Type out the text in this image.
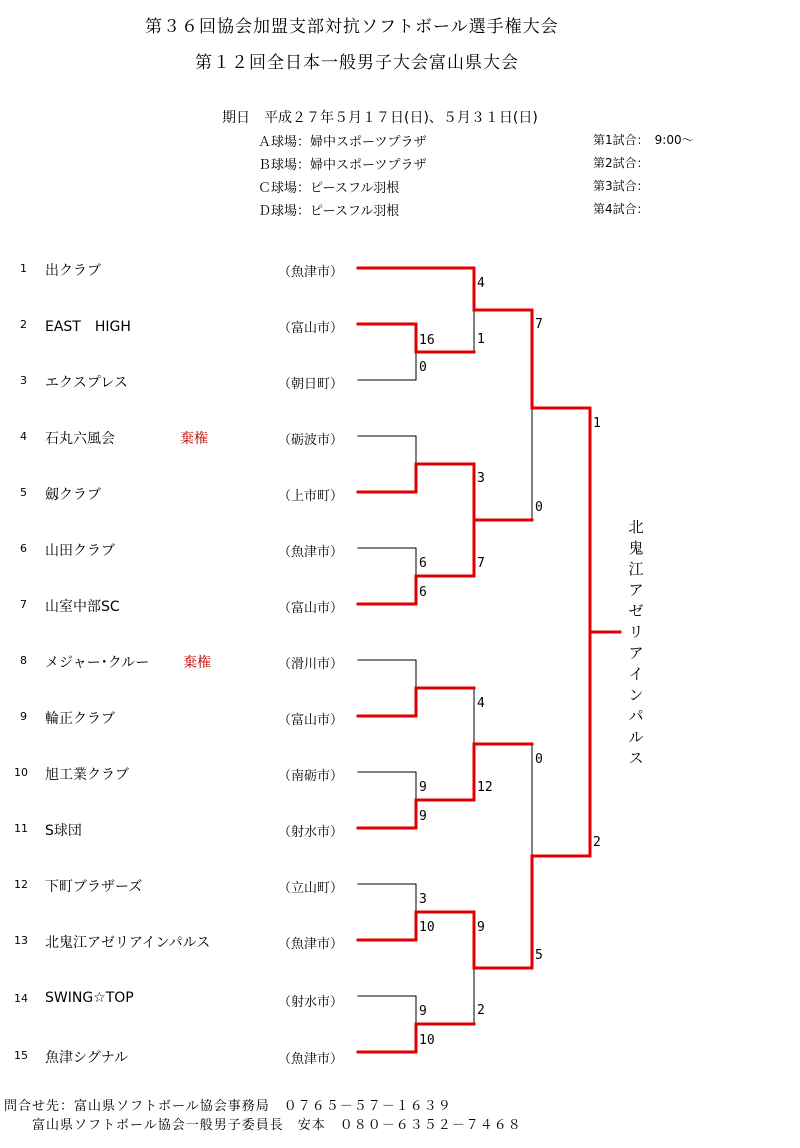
第３６回協会加盟支部対抗ソフトボール選手権大会
第１２回全日本一般男子大会富山県大会
期日　平成２７年５月１７日(日)、５月３１日(日)
Ａ球場：婦中スポーツプラザ
Ｂ球場：婦中スポーツプラザ
Ｃ球場：ピースフル羽根
Ｄ球場：ピースフル羽根
第1試合：　9:00～
第2試合：
第3試合：
第4試合：
1 出クラブ	（魚津市）
2 EAST　HIGH	（富山市）
3 エクスプレス	（朝日町）
4 石丸六風会	棄権	（砺波市）
5 劔クラブ	（上市町）
6 山田クラブ	（魚津市）
7 山室中部SC	（富山市）
8 メジャー･クルー 棄権	（滑川市）
9 輪正クラブ	（富山市）
10 旭工業クラブ	（南砺市）
11 S球団	（射水市）
12 下町ブラザーズ	（立山町）
13 北鬼江アゼリアインパルス	（魚津市）
14 SWING☆TOP	（射水市）
15 魚津シグナル	（魚津市）
16
0
6
6
9
9
3
10
9
10
4
1
3
7
4
12
9
2
7
0
0
5
1
2
北鬼江アゼリアインパルス
問合せ先：富山県ソフトボール協会事務局　０７６５－５７－１６３９
富山県ソフトボール協会一般男子委員長　安本　０８０－６３５２－７４６８
